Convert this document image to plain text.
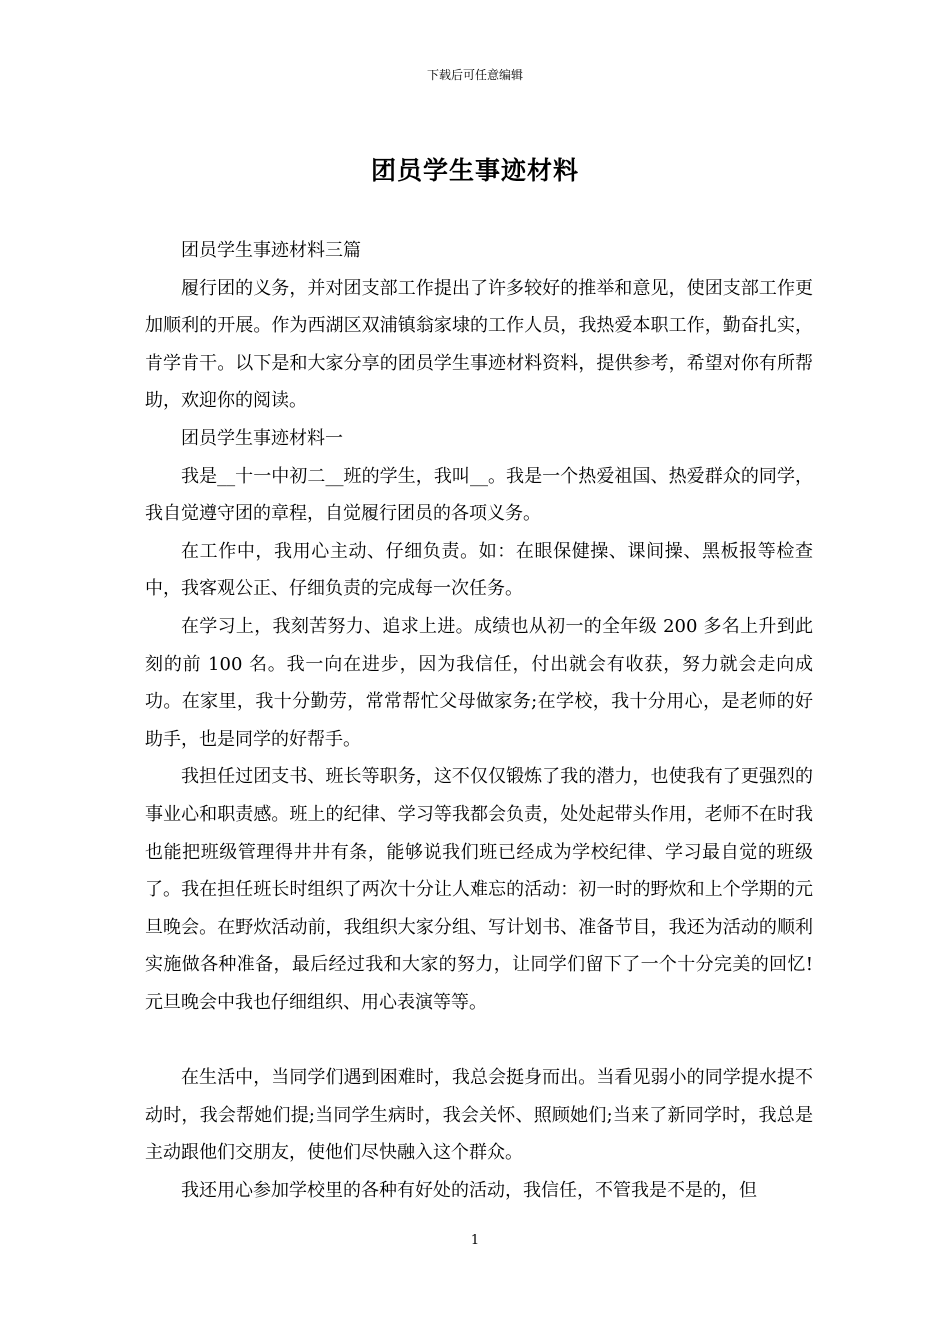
下载后可任意编辑
团员学生事迹材料

团员学生事迹材料三篇

履行团的义务，并对团支部工作提出了许多较好的推举和意见，使团支部工作更加顺利的开展。作为西湖区双浦镇翁家埭的工作人员，我热爱本职工作，勤奋扎实，肯学肯干。以下是和大家分享的团员学生事迹材料资料，提供参考，希望对你有所帮助，欢迎你的阅读。

团员学生事迹材料一

我是__十一中初二__班的学生，我叫__。我是一个热爱祖国、热爱群众的同学，我自觉遵守团的章程，自觉履行团员的各项义务。

在工作中，我用心主动、仔细负责。如：在眼保健操、课间操、黑板报等检查中，我客观公正、仔细负责的完成每一次任务。

在学习上，我刻苦努力、追求上进。成绩也从初一的全年级 200 多名上升到此刻的前 100 名。我一向在进步，因为我信任，付出就会有收获，努力就会走向成功。在家里，我十分勤劳，常常帮忙父母做家务;在学校，我十分用心，是老师的好助手，也是同学的好帮手。

我担任过团支书、班长等职务，这不仅仅锻炼了我的潜力，也使我有了更强烈的事业心和职责感。班上的纪律、学习等我都会负责，处处起带头作用，老师不在时我也能把班级管理得井井有条，能够说我们班已经成为学校纪律、学习最自觉的班级了。我在担任班长时组织了两次十分让人难忘的活动：初一时的野炊和上个学期的元旦晚会。在野炊活动前，我组织大家分组、写计划书、准备节目，我还为活动的顺利实施做各种准备，最后经过我和大家的努力，让同学们留下了一个十分完美的回忆!元旦晚会中我也仔细组织、用心表演等等。

在生活中，当同学们遇到困难时，我总会挺身而出。当看见弱小的同学提水提不动时，我会帮她们提;当同学生病时，我会关怀、照顾她们;当来了新同学时，我总是主动跟他们交朋友，使他们尽快融入这个群众。

我还用心参加学校里的各种有好处的活动，我信任，不管我是不是的，但

1
